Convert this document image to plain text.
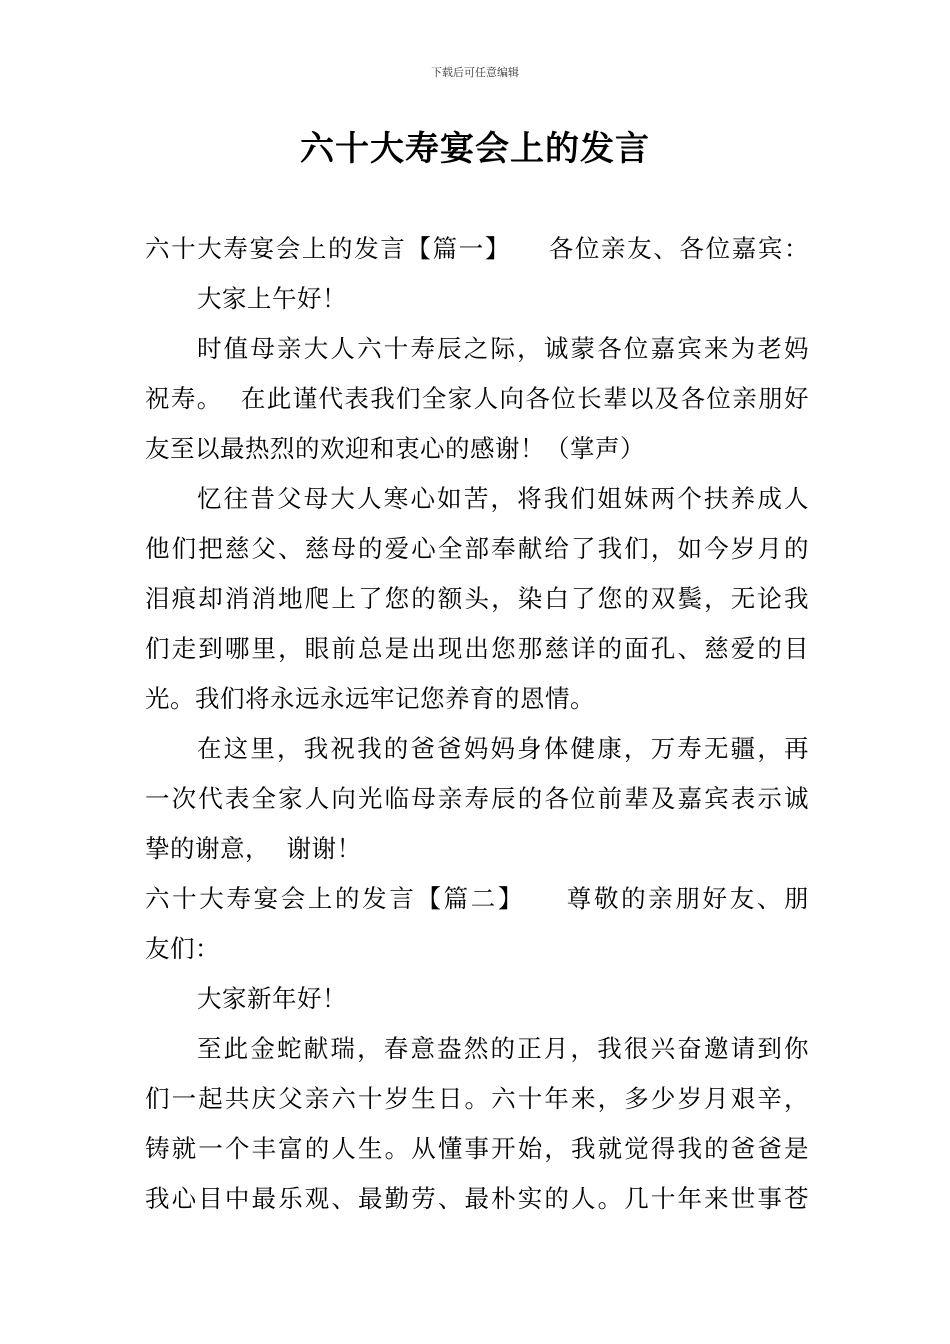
下载后可任意编辑
六十大寿宴会上的发言
六十大寿宴会上的发言【篇一】    各位亲友、各位嘉宾：
大家上午好！
时值母亲大人六十寿辰之际，诚蒙各位嘉宾来为老妈
祝寿。  在此谨代表我们全家人向各位长辈以及各位亲朋好
友至以最热烈的欢迎和衷心的感谢！（掌声）
忆往昔父母大人寒心如苦，将我们姐妹两个扶养成人
他们把慈父、慈母的爱心全部奉献给了我们，如今岁月的
泪痕却消消地爬上了您的额头，染白了您的双鬓，无论我
们走到哪里，眼前总是出现出您那慈详的面孔、慈爱的目
光。我们将永远永远牢记您养育的恩情。
在这里，我祝我的爸爸妈妈身体健康，万寿无疆，再
一次代表全家人向光临母亲寿辰的各位前辈及嘉宾表示诚
挚的谢意，  谢谢！
六十大寿宴会上的发言【篇二】    尊敬的亲朋好友、朋
友们：
大家新年好！
至此金蛇献瑞，春意盎然的正月，我很兴奋邀请到你
们一起共庆父亲六十岁生日。六十年来，多少岁月艰辛，
铸就一个丰富的人生。从懂事开始，我就觉得我的爸爸是
我心目中最乐观、最勤劳、最朴实的人。几十年来世事苍
